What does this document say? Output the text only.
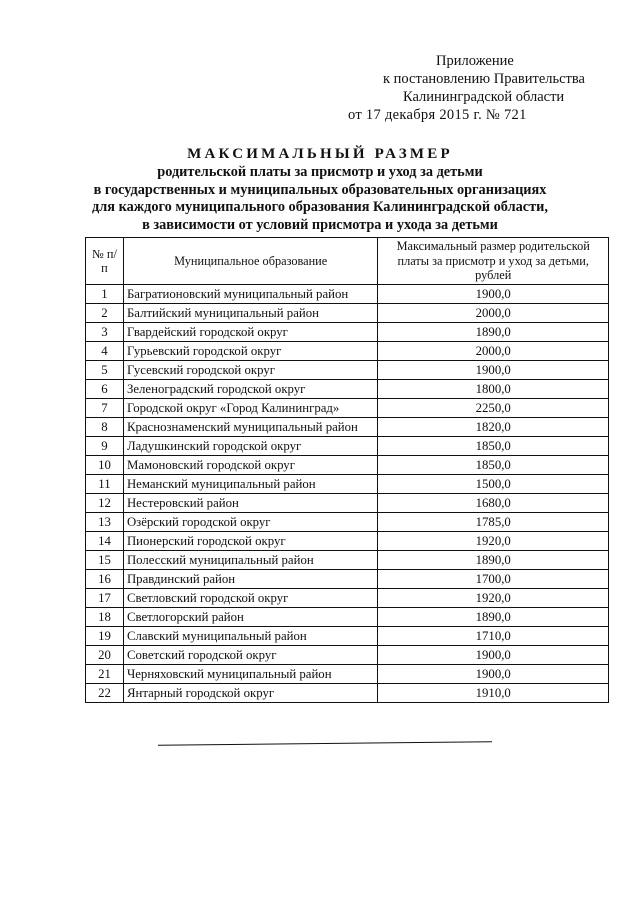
Приложение
к постановлению Правительства
Калининградской области
от 17 декабря 2015 г. № 721
МАКСИМАЛЬНЫЙ РАЗМЕР
родительской платы за присмотр и уход за детьми
в государственных и муниципальных образовательных организациях
для каждого муниципального образования Калининградской области,
в зависимости от условий присмотра и ухода за детьми
№ п/п	Муниципальное образование	Максимальный размер родительской платы за присмотр и уход за детьми, рублей
1	Багратионовский муниципальный район	1900,0
2	Балтийский муниципальный район	2000,0
3	Гвардейский городской округ	1890,0
4	Гурьевский городской округ	2000,0
5	Гусевский городской округ	1900,0
6	Зеленоградский городской округ	1800,0
7	Городской округ «Город Калининград»	2250,0
8	Краснознаменский муниципальный район	1820,0
9	Ладушкинский городской округ	1850,0
10	Мамоновский городской округ	1850,0
11	Неманский муниципальный район	1500,0
12	Нестеровский район	1680,0
13	Озёрский городской округ	1785,0
14	Пионерский городской округ	1920,0
15	Полесский муниципальный район	1890,0
16	Правдинский район	1700,0
17	Светловский городской округ	1920,0
18	Светлогорский район	1890,0
19	Славский муниципальный район	1710,0
20	Советский городской округ	1900,0
21	Черняховский муниципальный район	1900,0
22	Янтарный городской округ	1910,0
